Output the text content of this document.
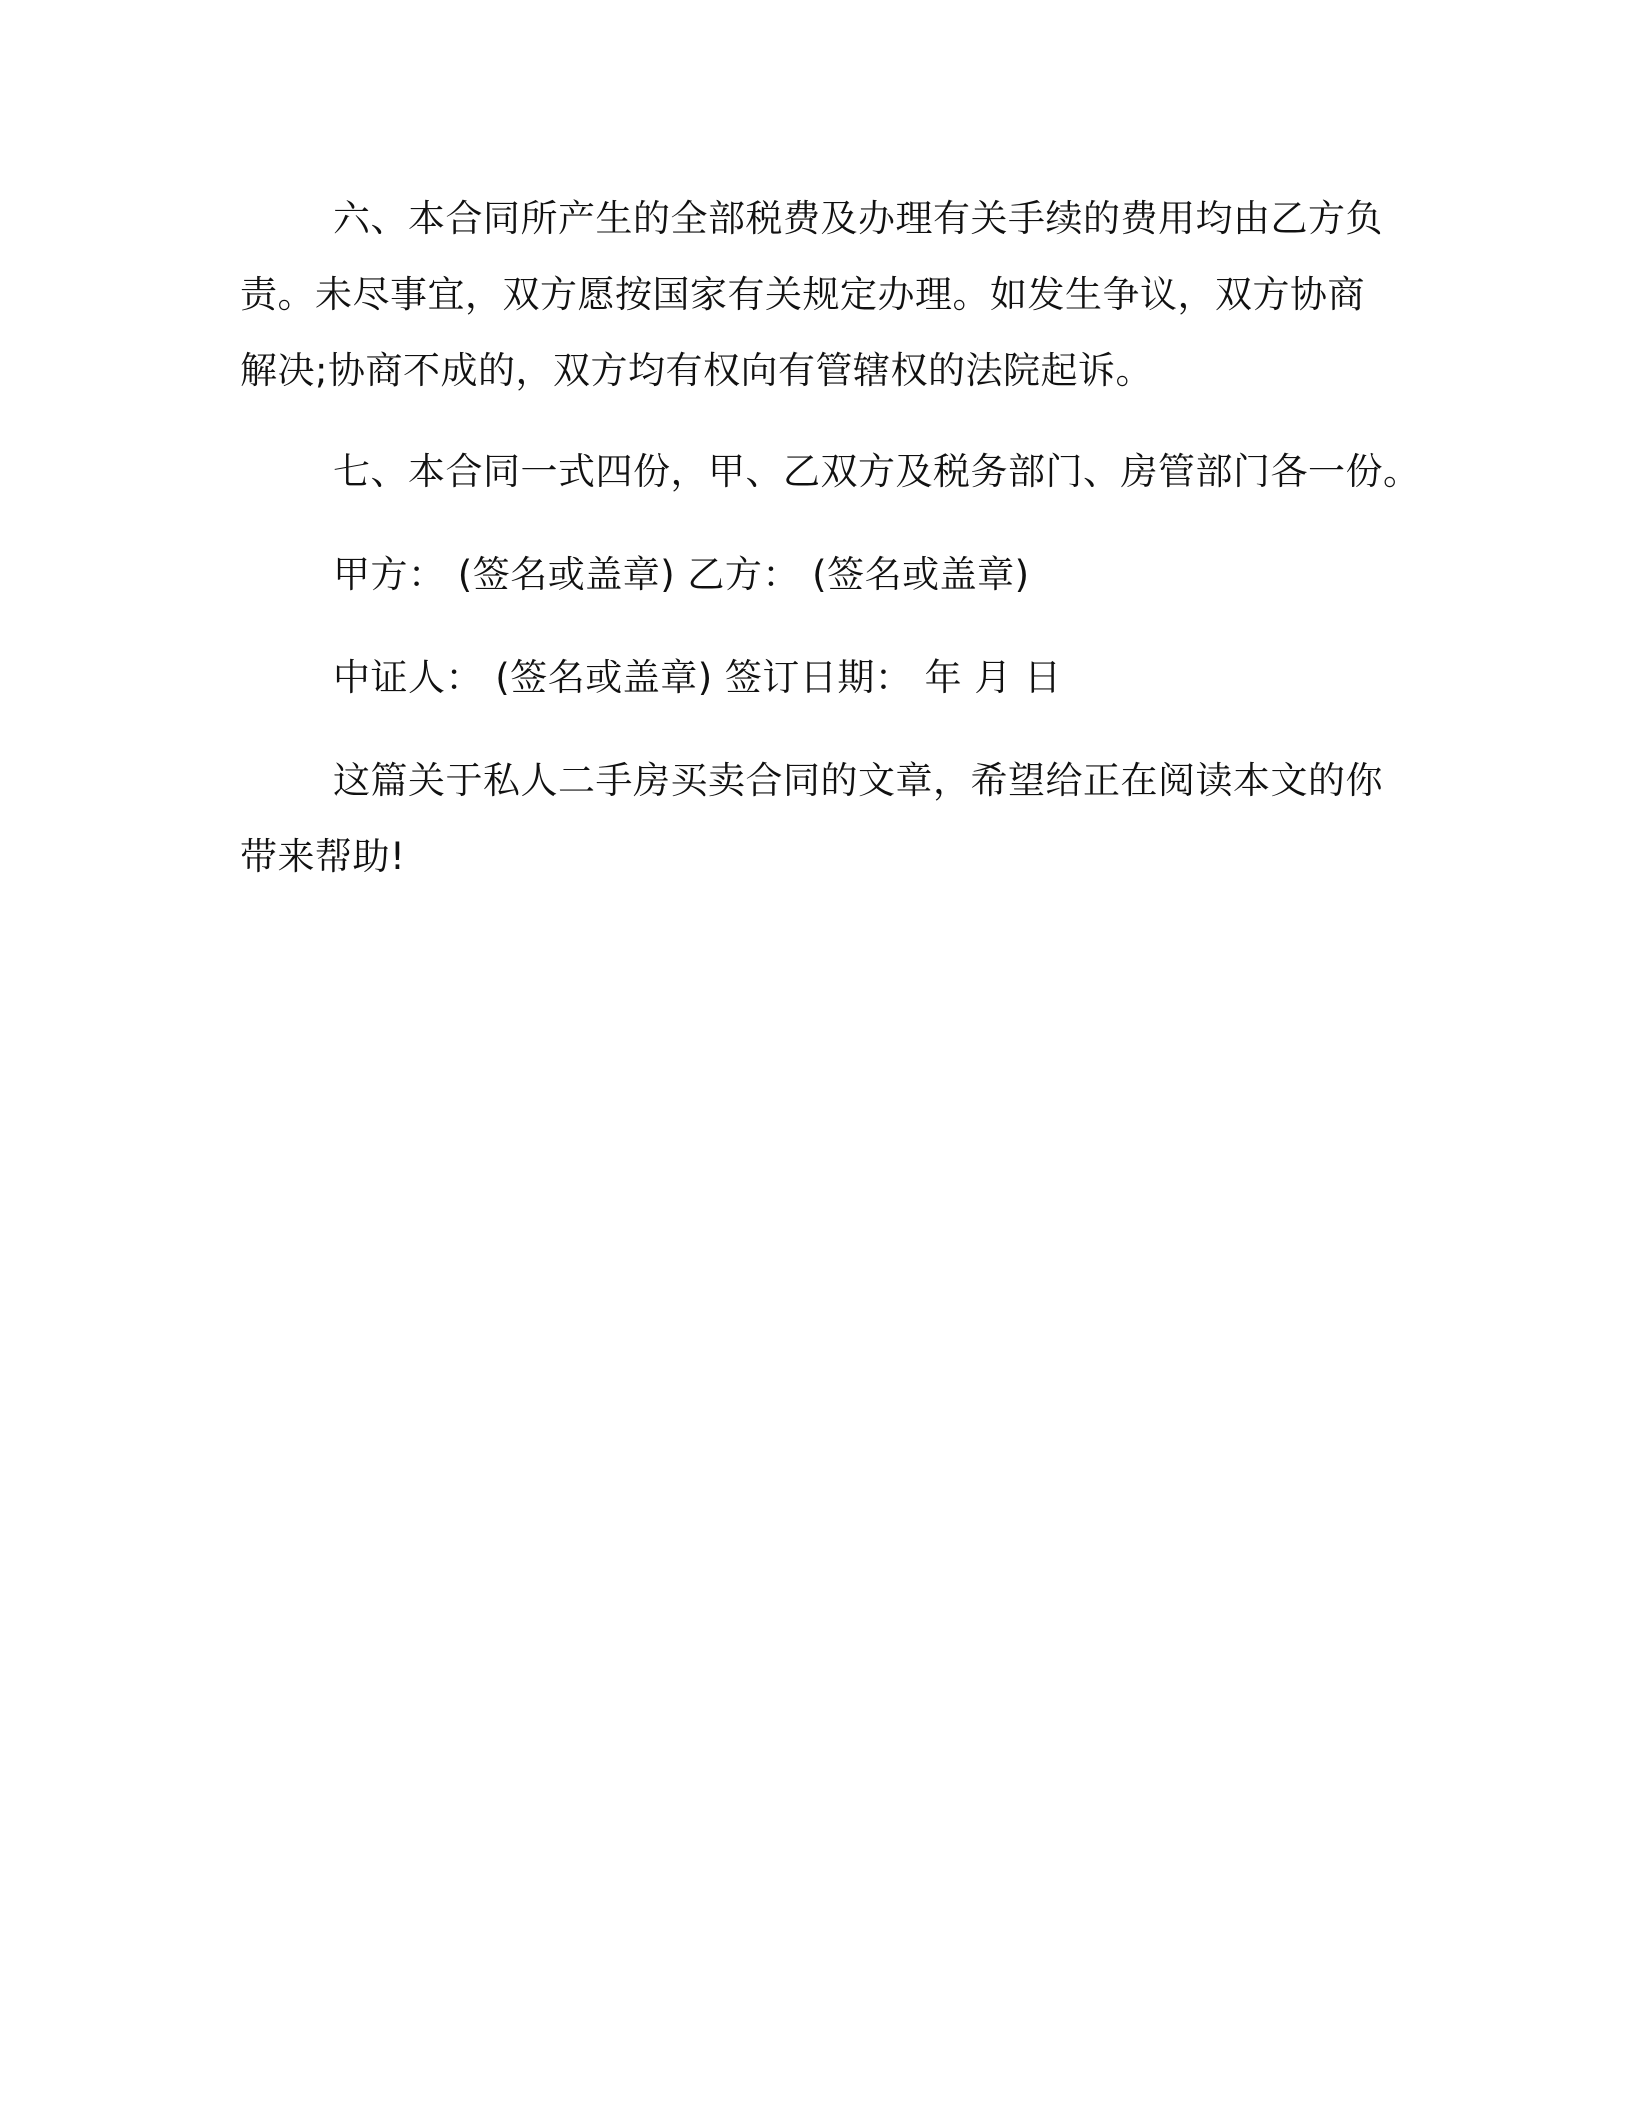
六、本合同所产生的全部税费及办理有关手续的费用均由乙方负
责。未尽事宜，双方愿按国家有关规定办理。如发生争议，双方协商
解决;协商不成的，双方均有权向有管辖权的法院起诉。
七、本合同一式四份，甲、乙双方及税务部门、房管部门各一份。
甲方： (签名或盖章) 乙方： (签名或盖章)
中证人： (签名或盖章) 签订日期： 年 月 日
这篇关于私人二手房买卖合同的文章，希望给正在阅读本文的你
带来帮助!
